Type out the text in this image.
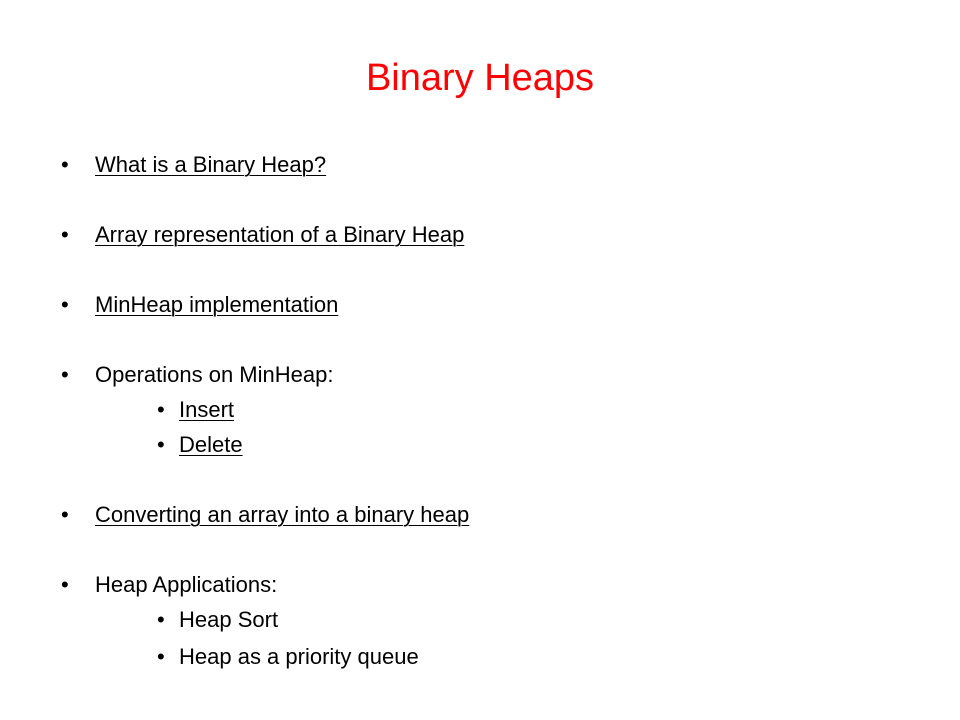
Binary Heaps
• What is a Binary Heap?
• Array representation of a Binary Heap
• MinHeap implementation
• Operations on MinHeap:
• Insert
• Delete
• Converting an array into a binary heap
• Heap Applications:
• Heap Sort
• Heap as a priority queue
